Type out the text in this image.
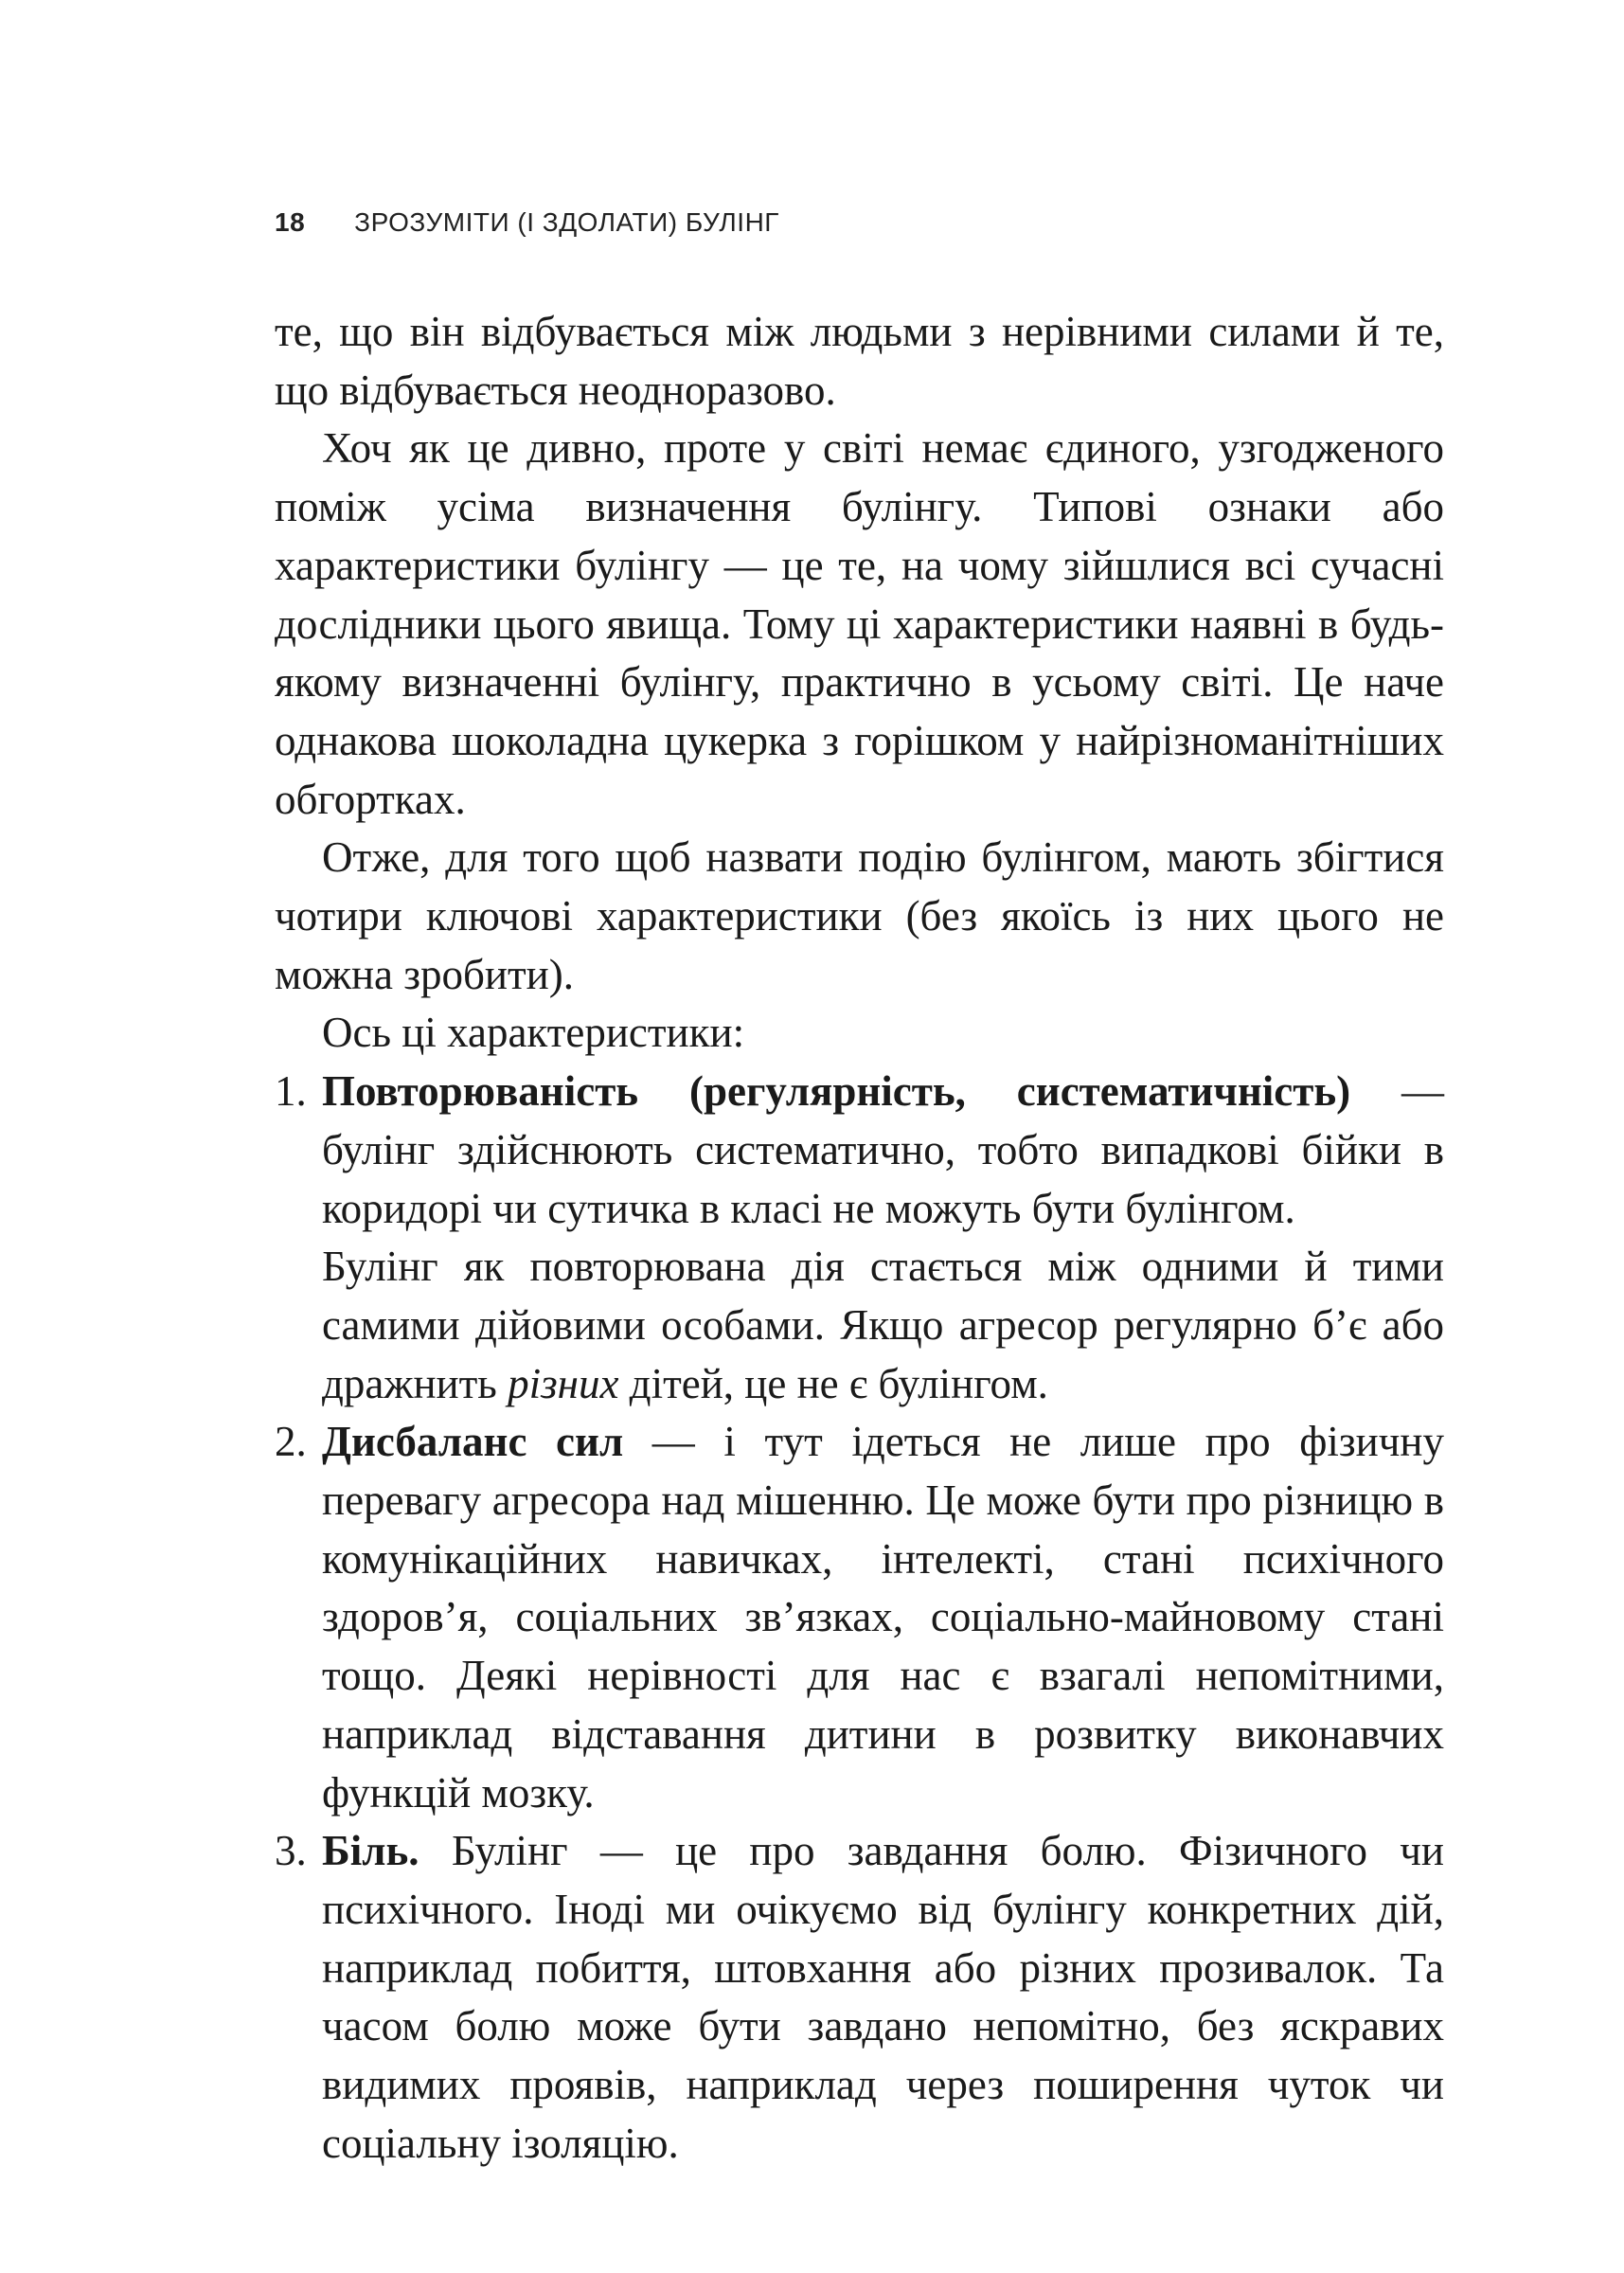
18 ЗРОЗУМІТИ (І ЗДОЛАТИ) БУЛІНГ

те, що він відбувається між людьми з нерівними силами й те, що відбувається неодноразово.

Хоч як це дивно, проте у світі немає єдиного, узгодженого поміж усіма визначення булінгу. Типові ознаки або характеристики булінгу — це те, на чому зійшлися всі сучасні дослідники цього явища. Тому ці характеристики наявні в будь-якому визначенні булінгу, практично в усьому світі. Це наче однакова шоколадна цукерка з горішком у найрізноманітніших обгортках.

Отже, для того щоб назвати подію булінгом, мають збігтися чотири ключові характеристики (без якоїсь із них цього не можна зробити).

Ось ці характеристики:

1. Повторюваність (регулярність, систематичність) — булінг здійснюють систематично, тобто випадкові бійки в коридорі чи сутичка в класі не можуть бути булінгом.

Булінг як повторювана дія стається між одними й тими самими дійовими особами. Якщо агресор регулярно б’є або дражнить різних дітей, це не є булінгом.

2. Дисбаланс сил — і тут ідеться не лише про фізичну перевагу агресора над мішенню. Це може бути про різницю в комунікаційних навичках, інтелекті, стані психічного здоров’я, соціальних зв’язках, соціально-майновому стані тощо. Деякі нерівності для нас є взагалі непомітними, наприклад відставання дитини в розвитку виконавчих функцій мозку.

3. Біль. Булінг — це про завдання болю. Фізичного чи психічного. Іноді ми очікуємо від булінгу конкретних дій, наприклад побиття, штовхання або різних прозивалок. Та часом болю може бути завдано непомітно, без яскравих видимих проявів, наприклад через поширення чуток чи соціальну ізоляцію.
